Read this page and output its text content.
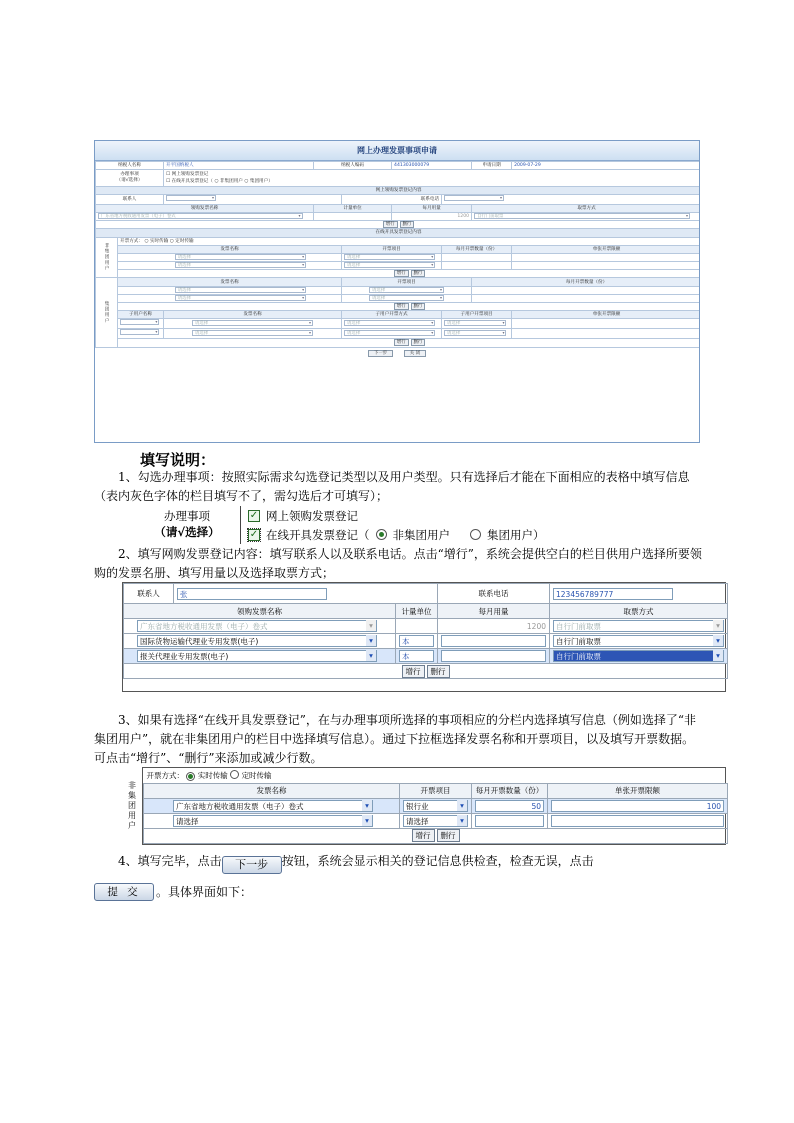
网上办理发票事项申请
纳税人名称		开平国纳税人	纳税人编码		441303000079		申请日期	2009-07-29

办理事项
（请√选择）		☐ 网上领购发票登记						
		☐ 在线开具发票登记（ ○ 非集团用户 ○ 集团用户）						
网上领购发票登记内容								
联系人	▾			联系电话	▾
领购发票名称			计量单位		每月用量		取票方式	
广东省地方税收通用发票（电子）卷式 ▾					1200		自行门前取票 ▾
增行 删行								
在线开具发票登记内容								
非集团用户	开票方式： ○ 实时传输 ○ 定时传输							
	发票名称			开票项目		每月开票数量（份）		单张开票限额
	请选择 ▾			请选择 ▾		
	请选择 ▾			请选择 ▾		
	增行 删行							
集团用户	发票名称			开票项目			每月开票数量（份）	
	请选择 ▾			请选择 ▾	
	请选择 ▾			请选择 ▾	
	增行 删行							
	子用户名称	发票名称		子用户开票方式		子用户开票项目		单张开票限额
▾	请选择 ▾		请选择 ▾		请选择 ▾	
▾	请选择 ▾		请选择 ▾		请选择 ▾	
	增行 删行							
下一步	关 闭
填写说明：
1、勾选办理事项：按照实际需求勾选登记类型以及用户类型。只有选择后才能在下面相应的表格中填写信息（表内灰色字体的栏目填写不了，需勾选后才可填写）；
办理事项
（请√选择）
✓ 网上领购发票登记
✓ 在线开具发票登记（ 非集团用户	集团用户）
2、填写网购发票登记内容：填写联系人以及联系电话。点击“增行”，系统会提供空白的栏目供用户选择所要领购的发票名册、填写用量以及选择取票方式；
联系人	张		联系电话	123456789777

领购发票名称		计量单位	每月用量	取票方式

广东省地方税收通用发票（电子）卷式 ▾			1200	自行门前取票 ▾

国际货物运输代理业专用发票(电子) ▾		本		自行门前取票 ▾

报关代理业专用发票(电子) ▾		本		自行门前取票 ▾

增行 删行				
3、如果有选择“在线开具发票登记”，在与办理事项所选择的事项相应的分栏内选择填写信息（例如选择了“非集团用户”，就在非集团用户的栏目中选择填写信息）。通过下拉框选择发票名称和开票项目，以及填写开票数据。可点击“增行”、“删行”来添加或减少行数。
非
集
团
用
户
开票方式： 实时传输 定时传输			
发票名称	开票项目	每月开票数量（份）	单张开票限额

广东省地方税收通用发票（电子）卷式 ▾	银行业 ▾	50	100

请选择 ▾	请选择 ▾

增行 删行			
4、填写完毕，点击 下一步 按钮，系统会显示相关的登记信息供检查，检查无误，点击
提 交	。具体界面如下：
